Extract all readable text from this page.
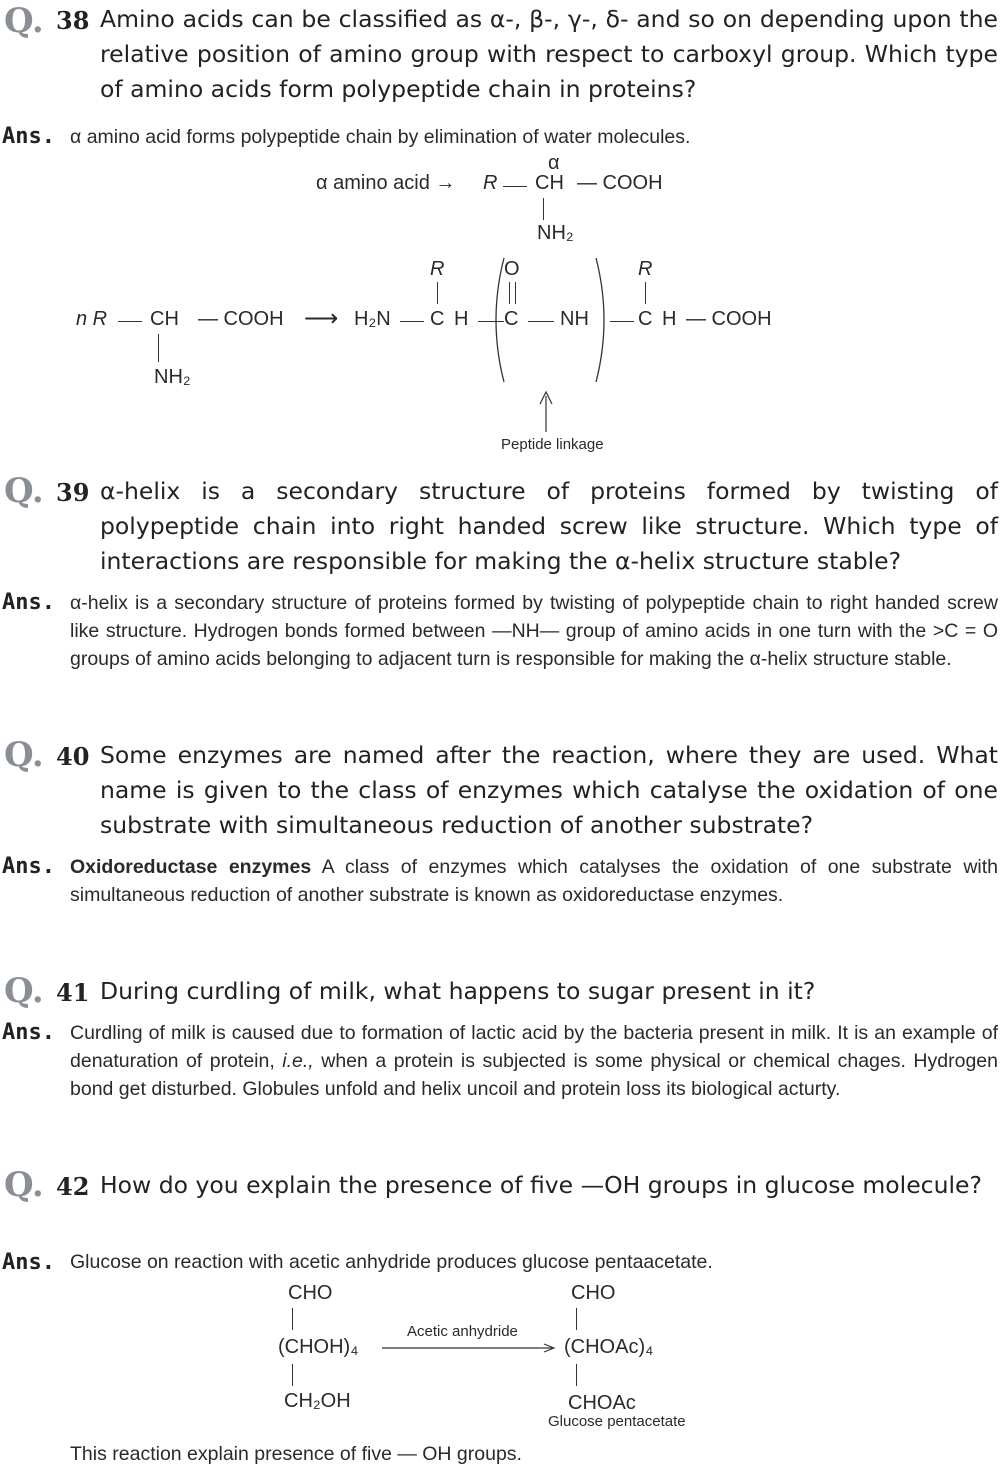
Q. 38 Amino acids can be classified as α-, β-, γ-, δ- and so on depending upon the relative position of amino group with respect to carboxyl group. Which type of amino acids form polypeptide chain in proteins?
Ans. α amino acid forms polypeptide chain by elimination of water molecules.
α
α amino acid → R CH — COOH
NH₂
n R CH — COOH
NH₂
⟶ H₂N
R
C H
O
C NH
R
C H — COOH
Peptide linkage
Q. 39 α-helix is a secondary structure of proteins formed by twisting of polypeptide chain into right handed screw like structure. Which type of interactions are responsible for making the α-helix structure stable?
Ans. α-helix is a secondary structure of proteins formed by twisting of polypeptide chain to right handed screw like structure. Hydrogen bonds formed between —NH— group of amino acids in one turn with the >C = O groups of amino acids belonging to adjacent turn is responsible for making the α-helix structure stable.
Q. 40 Some enzymes are named after the reaction, where they are used. What name is given to the class of enzymes which catalyse the oxidation of one substrate with simultaneous reduction of another substrate?
Ans. Oxidoreductase enzymes A class of enzymes which catalyses the oxidation of one substrate with simultaneous reduction of another substrate is known as oxidoreductase enzymes.
Q. 41 During curdling of milk, what happens to sugar present in it?
Ans. Curdling of milk is caused due to formation of lactic acid by the bacteria present in milk. It is an example of denaturation of protein, i.e., when a protein is subjected is some physical or chemical chages. Hydrogen bond get disturbed. Globules unfold and helix uncoil and protein loss its biological acturty.
Q. 42 How do you explain the presence of five —OH groups in glucose molecule?
Ans. Glucose on reaction with acetic anhydride produces glucose pentaacetate.
CHO
(CHOH)₄
CH₂OH
Acetic anhydride
CHO
(CHOAc)₄
CHOAc
Glucose pentacetate
This reaction explain presence of five — OH groups.
